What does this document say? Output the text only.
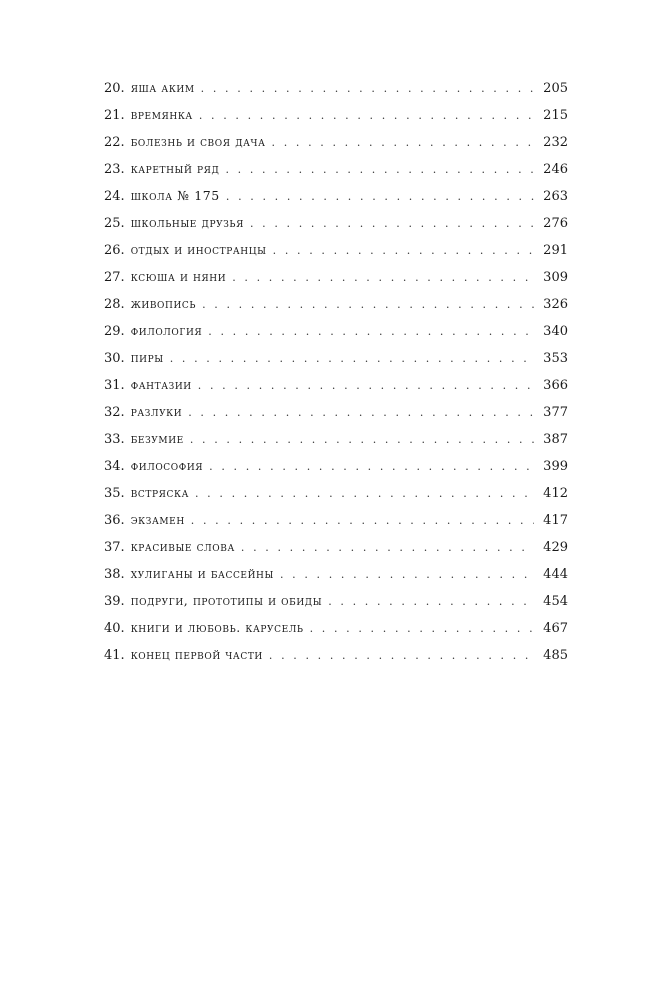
20. яша аким . . .	205
21. времянка . . .	215
22. болезнь и своя дача . . .	232
23. каретный ряд . . .	246
24. школа № 175 . . .	263
25. школьные друзья . . .	276
26. отдых и иностранцы . . .	291
27. ксюша и няни . . .	309
28. живопись . . .	326
29. филология . . .	340
30. пиры . . .	353
31. фантазии . . .	366
32. разлуки . . .	377
33. безумие . . .	387
34. философия . . .	399
35. встряска . . .	412
36. экзамен . . .	417
37. красивые слова . . .	429
38. хулиганы и бассейны . . .	444
39. подруги, прототипы и обиды . . .	454
40. книги и любовь. карусель . . .	467
41. конец первой части . . .	485
